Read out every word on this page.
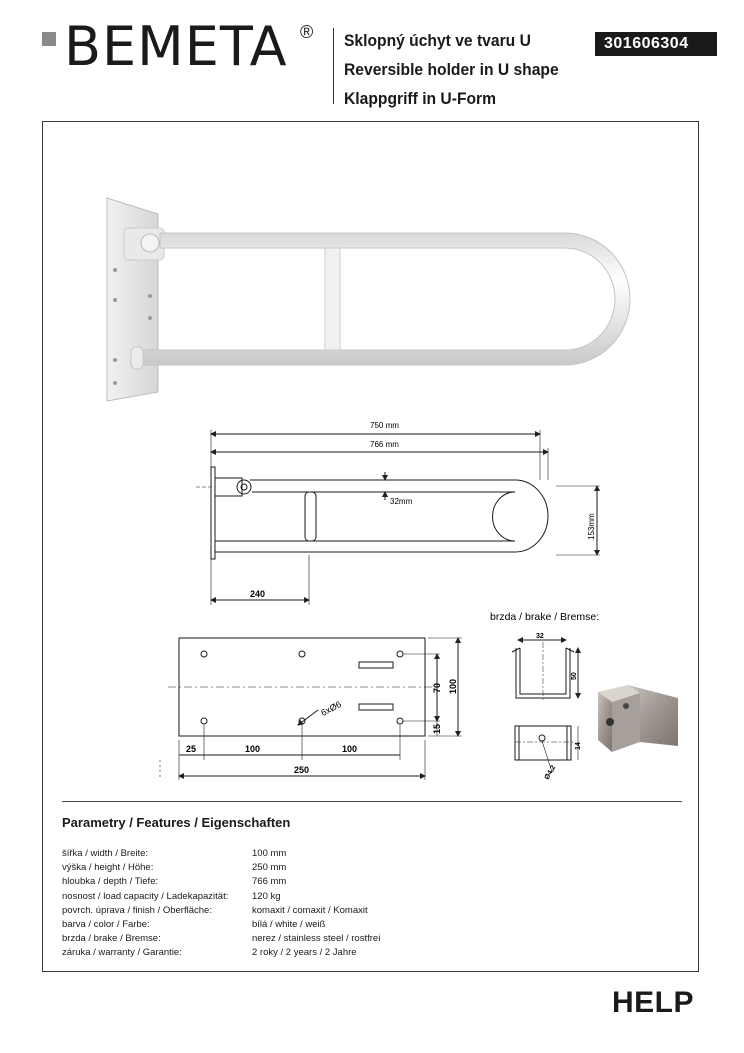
BEMETA ® Sklopný úchyt ve tvaru U
Reversible holder in U shape
Klappgriff in U-Form
301606304
750 mm
766 mm
32mm
153mm
240
6xØ6
25	100	100
250
70 100
15
brzda / brake / Bremse:
32
50
14
Ø4,2
Parametry / Features / Eigenschaften
šířka / width / Breite:	100 mm
výška / height / Höhe:	250 mm
hloubka / depth / Tiefe:	766 mm
nosnost / load capacity / Ladekapazität: 120 kg
povrch. úprava / finish / Oberfläche:	komaxit / comaxit / Komaxit
barva / color / Farbe:	bílá / white / weiß
brzda / brake / Bremse:	nerez / stainless steel / rostfrei
záruka / warranty / Garantie:	2 roky / 2 years / 2 Jahre
HELP
